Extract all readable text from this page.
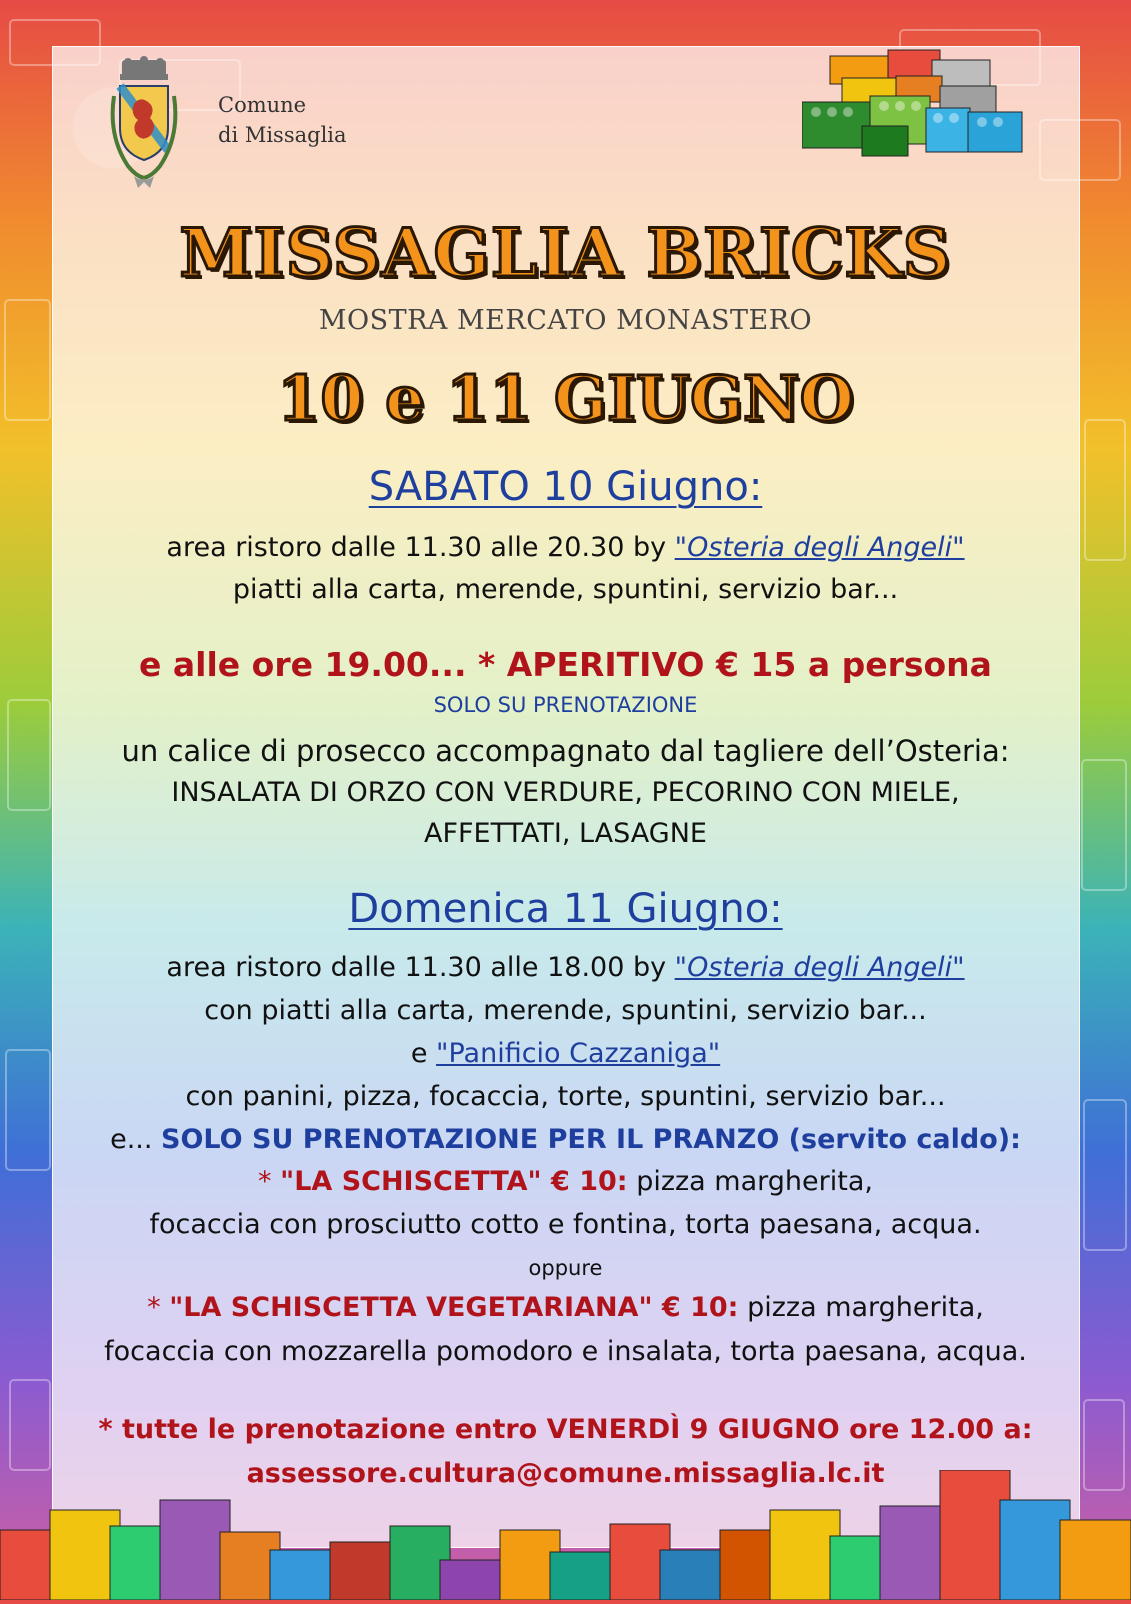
Comune
di Missaglia
MISSAGLIA BRICKS
MOSTRA MERCATO MONASTERO
10 e 11 GIUGNO
SABATO 10 Giugno:
area ristoro dalle 11.30 alle 20.30 by "Osteria degli Angeli"
piatti alla carta, merende, spuntini, servizio bar...
e alle ore 19.00... * APERITIVO € 15 a persona
SOLO SU PRENOTAZIONE
un calice di prosecco accompagnato dal tagliere dell’Osteria:
INSALATA DI ORZO CON VERDURE, PECORINO CON MIELE,
AFFETTATI, LASAGNE
Domenica 11 Giugno:
area ristoro dalle 11.30 alle 18.00 by "Osteria degli Angeli"
con piatti alla carta, merende, spuntini, servizio bar...
e "Panificio Cazzaniga"
con panini, pizza, focaccia, torte, spuntini, servizio bar...
e... SOLO SU PRENOTAZIONE PER IL PRANZO (servito caldo):
* "LA SCHISCETTA" € 10: pizza margherita,
focaccia con prosciutto cotto e fontina, torta paesana, acqua.
oppure
* "LA SCHISCETTA VEGETARIANA" € 10: pizza margherita,
focaccia con mozzarella pomodoro e insalata, torta paesana, acqua.
* tutte le prenotazione entro VENERDÌ 9 GIUGNO ore 12.00 a:
assessore.cultura@comune.missaglia.lc.it
